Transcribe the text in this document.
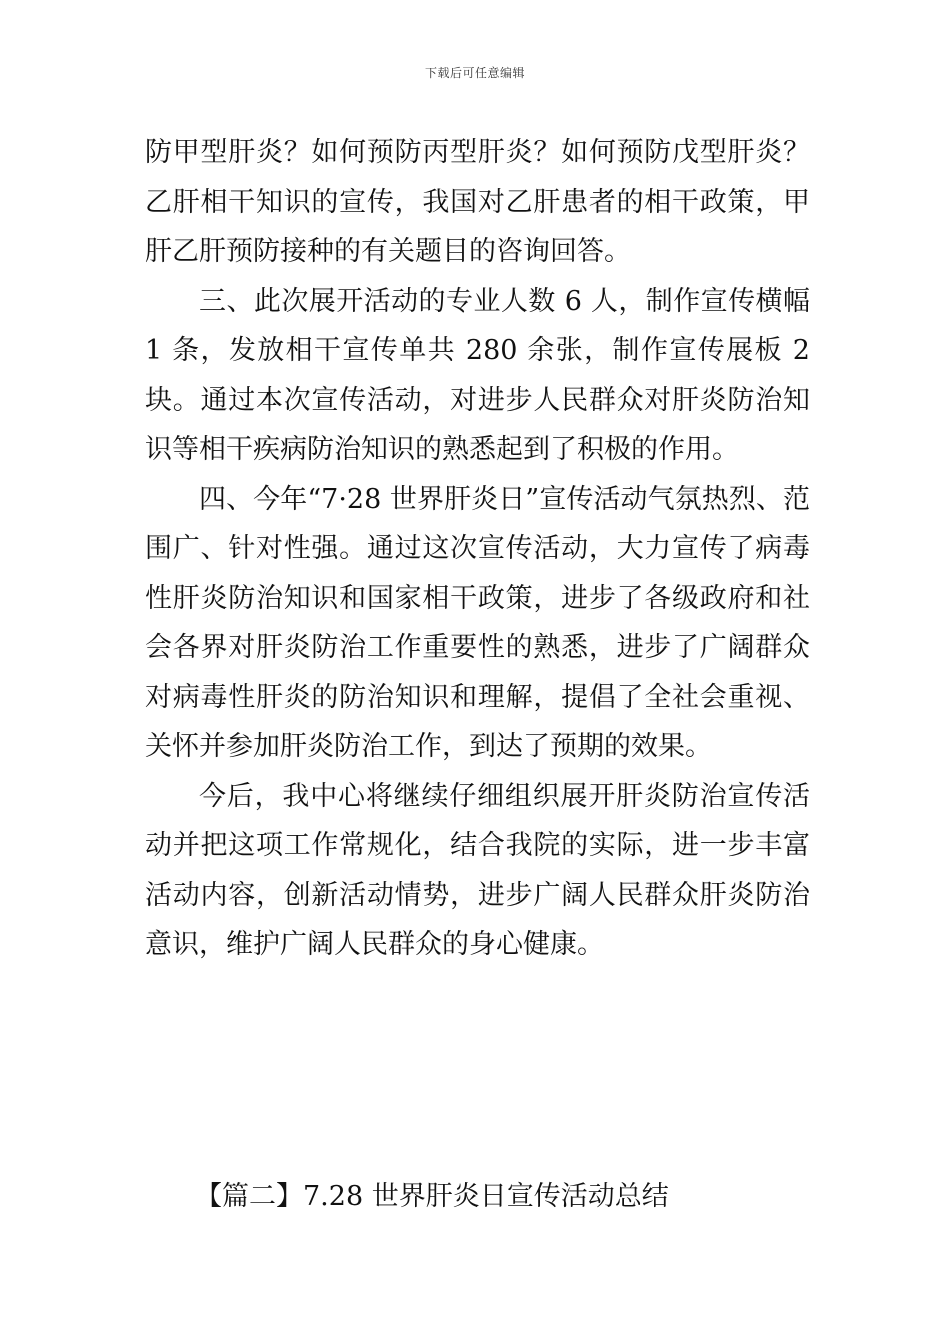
下载后可任意编辑

防甲型肝炎？如何预防丙型肝炎？如何预防戊型肝炎？乙肝相干知识的宣传，我国对乙肝患者的相干政策，甲肝乙肝预防接种的有关题目的咨询回答。

三、此次展开活动的专业人数 6 人，制作宣传横幅 1 条，发放相干宣传单共 280 余张，制作宣传展板 2 块。通过本次宣传活动，对进步人民群众对肝炎防治知识等相干疾病防治知识的熟悉起到了积极的作用。

四、今年“7·28 世界肝炎日”宣传活动气氛热烈、范围广、针对性强。通过这次宣传活动，大力宣传了病毒性肝炎防治知识和国家相干政策，进步了各级政府和社会各界对肝炎防治工作重要性的熟悉，进步了广阔群众对病毒性肝炎的防治知识和理解，提倡了全社会重视、关怀并参加肝炎防治工作，到达了预期的效果。

今后，我中心将继续仔细组织展开肝炎防治宣传活动并把这项工作常规化，结合我院的实际，进一步丰富活动内容，创新活动情势，进步广阔人民群众肝炎防治意识，维护广阔人民群众的身心健康。

【篇二】7.28 世界肝炎日宣传活动总结
